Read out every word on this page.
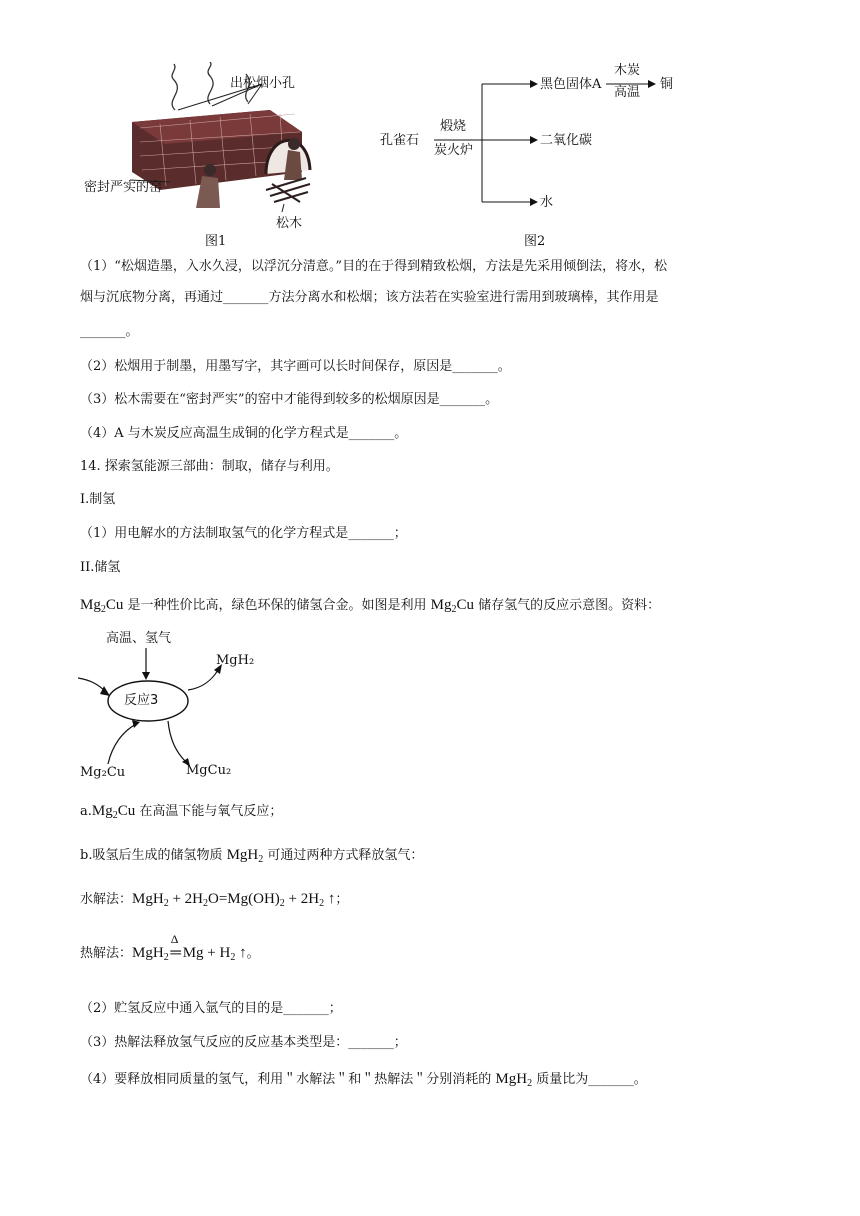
出松烟小孔
密封严实的窑
松木
图1
孔雀石
煅烧
炭火炉
黑色固体A
木炭
高温
铜
二氧化碳
水
图2
（1）“松烟造墨，入水久浸，以浮沉分清意。”目的在于得到精致松烟，方法是先采用倾倒法，将水，松
烟与沉底物分离，再通过_______方法分离水和松烟；该方法若在实验室进行需用到玻璃棒，其作用是
_______。
（2）松烟用于制墨，用墨写字，其字画可以长时间保存，原因是_______。
（3）松木需要在“密封严实”的窑中才能得到较多的松烟原因是_______。
（4）A 与木炭反应高温生成铜的化学方程式是_______。
14. 探索氢能源三部曲：制取，储存与利用。
I.制氢
（1）用电解水的方法制取氢气的化学方程式是_______；
II.储氢
$Mg_2Cu$ 是一种性价比高，绿色环保的储氢合金。如图是利用 $Mg_2Cu$ 储存氢气的反应示意图。资料：
高温、氢气
反应3
MgH₂
Mg₂Cu	MgCu₂
$a.Mg_2Cu$ 在高温下能与氧气反应；
b.吸氢后生成的储氢物质 MgH$_2$ 可通过两种方式释放氢气：
水解法：$MgH_2 + 2H_2O=Mg(OH)_2 + 2H_2$ ↑；
热解法：MgH$_2$
Δ
═ $Mg + H_2$ ↑。
（2）贮氢反应中通入氩气的目的是_______；
（3）热解法释放氢气反应的反应基本类型是：_______；
（4）要释放相同质量的氢气，利用＂水解法＂和＂热解法＂分别消耗的 MgH$_2$ 质量比为_______。
